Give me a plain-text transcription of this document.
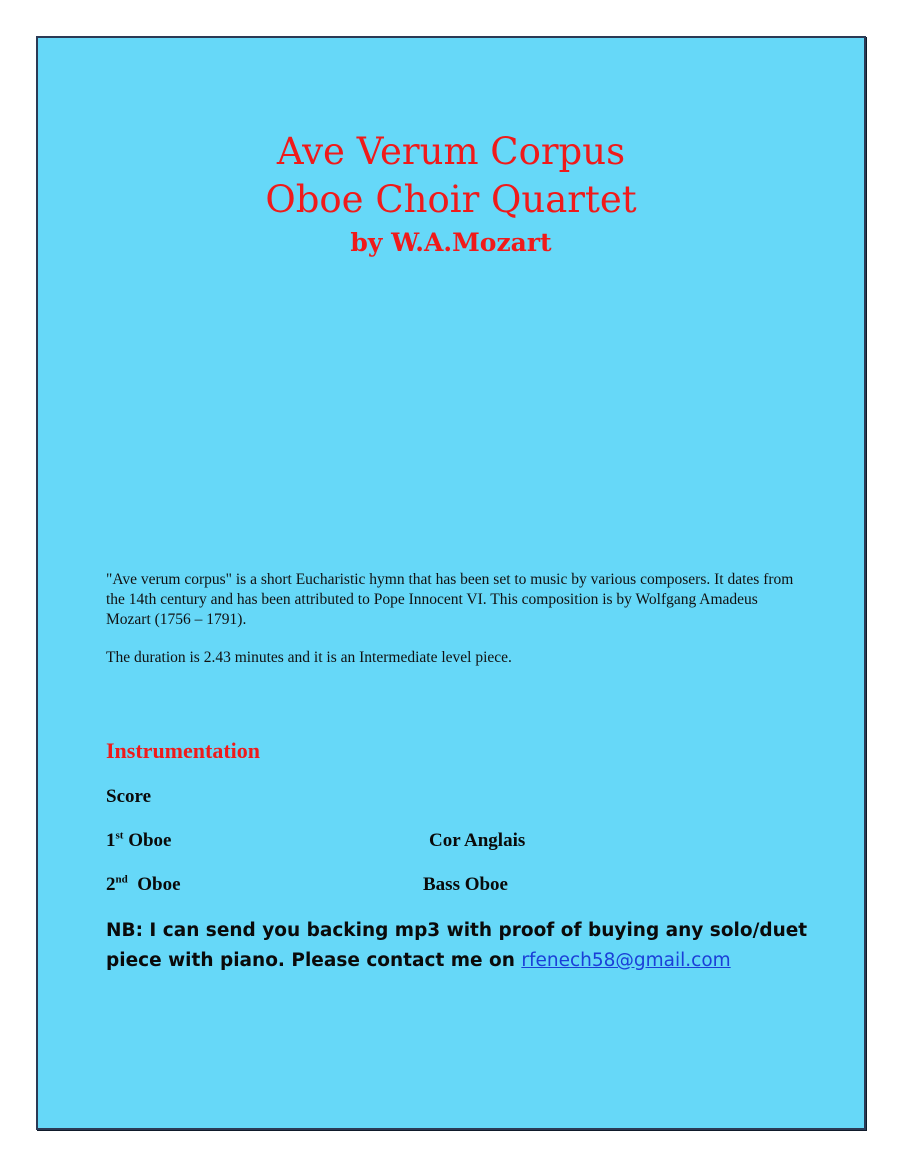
Ave Verum Corpus
Oboe Choir Quartet
by W.A.Mozart

"Ave verum corpus" is a short Eucharistic hymn that has been set to music by various composers. It dates from the 14th century and has been attributed to Pope Innocent VI. This composition is by Wolfgang Amadeus Mozart (1756 – 1791).

The duration is 2.43 minutes and it is an Intermediate level piece.

Instrumentation
Score
1st Oboe	Cor Anglais
2nd Oboe	Bass Oboe
NB: I can send you backing mp3 with proof of buying any solo/duet piece with piano. Please contact me on rfenech58@gmail.com
